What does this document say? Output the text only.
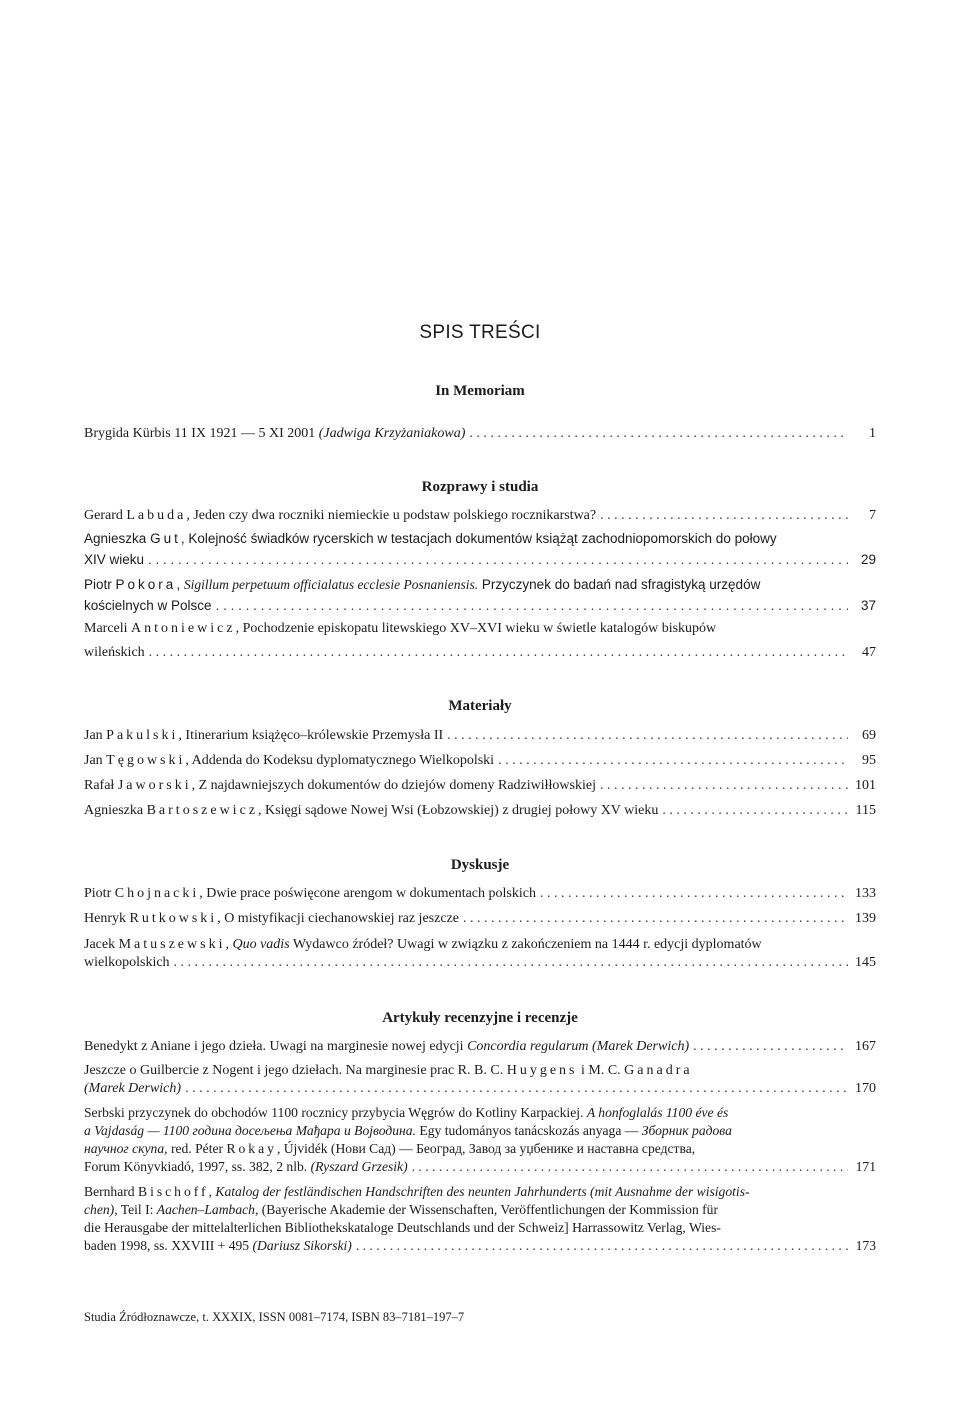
SPIS TREŚCI
In Memoriam
Brygida Kürbis 11 IX 1921 — 5 XI 2001 (Jadwiga Krzyżaniakowa) . . .	1
Rozprawy i studia
Gerard Labuda, Jeden czy dwa roczniki niemieckie u podstaw polskiego rocznikarstwa? . . .	7
Agnieszka Gut, Kolejność świadków rycerskich w testacjach dokumentów książąt zachodniopomorskich do połowy
XIV wieku . . .	29
Piotr Pokora, Sigillum perpetuum officialatus ecclesie Posnaniensis. Przyczynek do badań nad sfragistyką urzędów
kościelnych w Polsce . . .	37
Marceli Antoniewicz, Pochodzenie episkopatu litewskiego XV–XVI wieku w świetle katalogów biskupów
wileńskich . . .	47
Materiały
Jan Pakulski, Itinerarium książęco–królewskie Przemysła II . . .	69
Jan Tęgowski, Addenda do Kodeksu dyplomatycznego Wielkopolski . . .	95
Rafał Jaworski, Z najdawniejszych dokumentów do dziejów domeny Radziwiłłowskiej . . .	101
Agnieszka Bartoszewicz, Księgi sądowe Nowej Wsi (Łobzowskiej) z drugiej połowy XV wieku . . .	115
Dyskusje
Piotr Chojnacki, Dwie prace poświęcone arengom w dokumentach polskich . . .	133
Henryk Rutkowski, O mistyfikacji ciechanowskiej raz jeszcze . . .	139
Jacek Matuszewski, Quo vadis Wydawco źródeł? Uwagi w związku z zakończeniem na 1444 r. edycji dyplomatów
wielkopolskich . . .	145
Artykuły recenzyjne i recenzje
Benedykt z Aniane i jego dzieła. Uwagi na marginesie nowej edycji Concordia regularum (Marek Derwich) . . .	167
Jeszcze o Guilbercie z Nogent i jego dziełach. Na marginesie prac R. B. C. Huygens i M. C. Ganadra
(Marek Derwich) . . .	170
Serbski przyczynek do obchodów 1100 rocznicy przybycia Węgrów do Kotliny Karpackiej. A honfoglalás 1100 éve és
a Vajdaság — 1100 година досељења Мађара и Војводина. Egy tudományos tanácskozás anyaga — Зборник радова
научног скупа, red. Péter Rokay, Újvidék (Нови Сад) — Београд, Завод за уџбенике и наставна средства,
Forum Könyvkiadó, 1997, ss. 382, 2 nlb. (Ryszard Grzesik) . . .	171
Bernhard Bischoff, Katalog der festländischen Handschriften des neunten Jahrhunderts (mit Ausnahme der wisigotis-
chen), Teil I: Aachen–Lambach, (Bayerische Akademie der Wissenschaften, Veröffentlichungen der Kommission für
die Herausgabe der mittelalterlichen Bibliothekskataloge Deutschlands und der Schweiz] Harrassowitz Verlag, Wies-
baden 1998, ss. XXVIII + 495 (Dariusz Sikorski) . . .	173
Studia Źródłoznawcze, t. XXXIX, ISSN 0081–7174, ISBN 83–7181–197–7
